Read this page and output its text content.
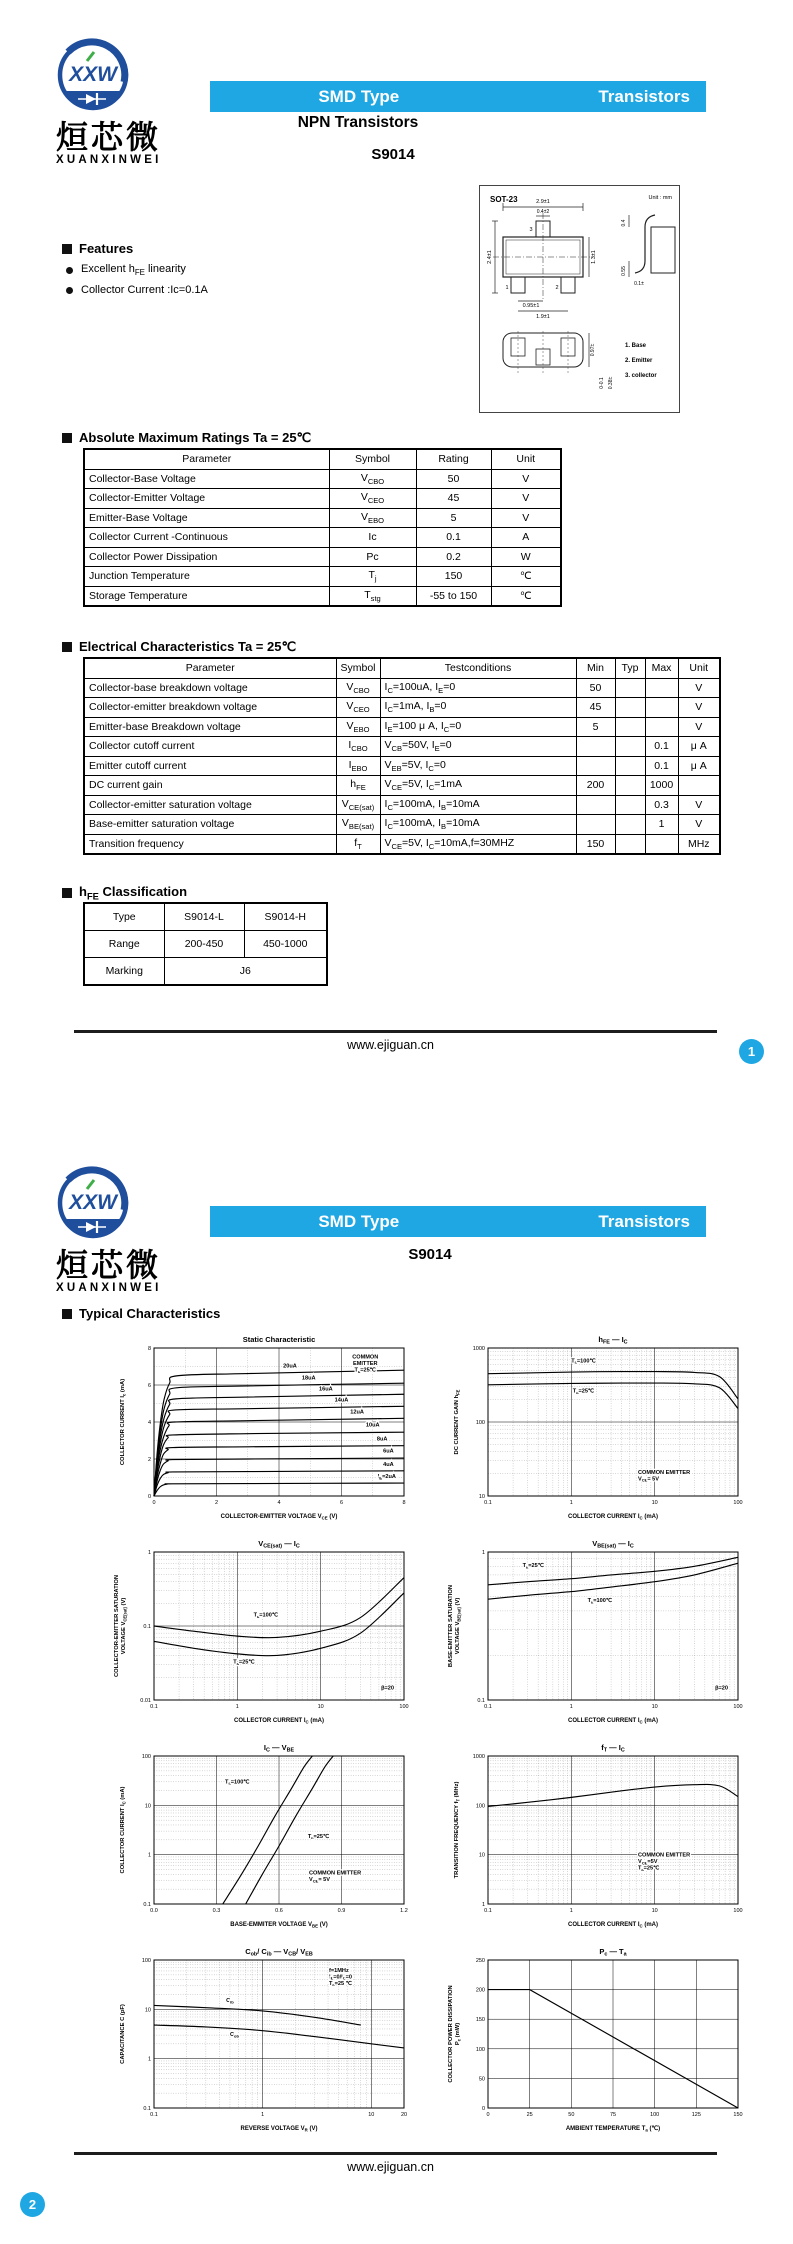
XXW
烜芯微
XUANXINWEI
SMD Type	Transistors
NPN Transistors
S9014
SOT-23	Unit : mm
3
1	2
2.9±1
0.4±2
2.4±1	1.3±1
0.95±1
1.9±1
0.4
0.55
0.1±
0.97±
0-0.1 0.38±
1. Base
2. Emitter
3. collector
Features
Excellent $h_{FE}$ linearity
Collector Current :Ic=0.1A
Absolute Maximum Ratings Ta = 25℃
Parameter	Symbol	Rating	Unit
Collector-Base Voltage	$V_{CBO}$	50	V
Collector-Emitter Voltage	$V_{CEO}$	45	V
Emitter-Base Voltage	$V_{EBO}$	5	V
Collector Current -Continuous	Ic	0.1	A
Collector Power Dissipation	Pc	0.2	W
Junction Temperature	$T_j$	150	℃
Storage Temperature	$T_{stg}$	-55 to 150	℃
Electrical Characteristics Ta = 25℃
Parameter	Symbol	Testconditions	Min	Typ	Max	Unit
Collector-base breakdown voltage	$V_{CBO}$	$I_C=100uA$, $I_E=0$	50			V
Collector-emitter breakdown voltage	$V_{CEO}$	$I_C=1mA$, $I_B=0$	45			V
Emitter-base Breakdown voltage	$V_{EBO}$	$I_E=100$ μ A, $I_C=0$	5			V
Collector cutoff current	$I_{CBO}$	$V_{CB}=50V$, $I_E=0$			0.1	μ A
Emitter cutoff current	$I_{EBO}$	$V_{EB}=5V$, $I_C=0$			0.1	μ A
DC current gain	$h_{FE}$	$V_{CE}=5V$, $I_C=1mA$	200		1000	
Collector-emitter saturation voltage	$V_{CE(sat)}$	$I_C=100mA$, $I_B=10mA$			0.3	V
Base-emitter saturation voltage	$V_{BE(sat)}$	$I_C=100mA$, $I_B=10mA$			1	V
Transition frequency	$f_T$	$V_{CE}=5V$, $I_C=10mA,f=30MHZ$	150			MHz
$h_{FE}$ Classification
Type	S9014-L	S9014-H
Range	200-450	450-1000
Marking	J6	
www.ejiguan.cn	1
XXW
烜芯微
XUANXINWEI
SMD Type	Transistors
S9014
Typical Characteristics
0	2	4	6	8
0
2
4
6
8
20uA
18uA
16uA
14uA
12uA
10uA
8uA
6uA
4uA
$I_B=2uA$
COMMON
EMITTER
$T_a=25℃$
Static Characteristic
COLLECTOR-EMITTER VOLTAGE $V_{CE}$ (V)
COLLECTOR CURRENT $I_c$ (mA)
0.1	1	10	100
10
100
1000
$T_a=100℃$
$T_a=25℃$
COMMON EMITTER
$V_{CE}= 5V$
hFE — IC
COLLECTOR CURRENT $I_C$ (mA)
DC CURRENT GAIN $h_{FE}$
0.1	1	10	100
0.01
0.1
1
$T_a=100℃$
$T_a=25℃$
β=20
VCE(sat) — IC
COLLECTOR CURRENT $I_C$ (mA)
COLLECTOR-EMITTER SATURATION VOLTAGE $V_{CE(sat)}$ (V)
0.1	1	10	100
0.1
1
$T_a=25℃$
$T_a=100℃$
β=20
VBE(sat) — IC
COLLECTOR CURRENT $I_C$ (mA)
BASE-EMITTER SATURATION VOLTAGE $V_{BE(sat)}$ (V)
0.0	0.3	0.6	0.9	1.2
0.1
1
10
100
$T_a=100℃$
$T_a=25℃$
COMMON EMITTER
$V_{CE}= 5V$
IC — VBE
BASE-EMMITER VOLTAGE $V_{BE}$ (V)
COLLECTOR CURRENT $I_C$ (mA)
0.1	1	10	100
1
10
100
1000
COMMON EMITTER
$V_{CE}=5V$
$T_a=25℃$
fT — IC
COLLECTOR CURRENT $I_C$ (mA)
TRANSITION FREQUENCY $f_T$ (MHz)
0.1	1	10	20
0.1
1
10
100
$C_{ib}$
$C_{ob}$
f=1MHz
$I_E=0/I_C=0$
$T_a=25$ ℃
Cob/ Cib — VCB/ VEB
REVERSE VOLTAGE $V_R$ (V)
CAPACITANCE C (pF)
0	25	50	75	100	125	150
0
50
100
150
200
250
Pc — Ta
AMBIENT TEMPERATURE $T_a$ (℃)
COLLECTOR POWER DISSIPATION $P_c$ (mW)
www.ejiguan.cn
2
